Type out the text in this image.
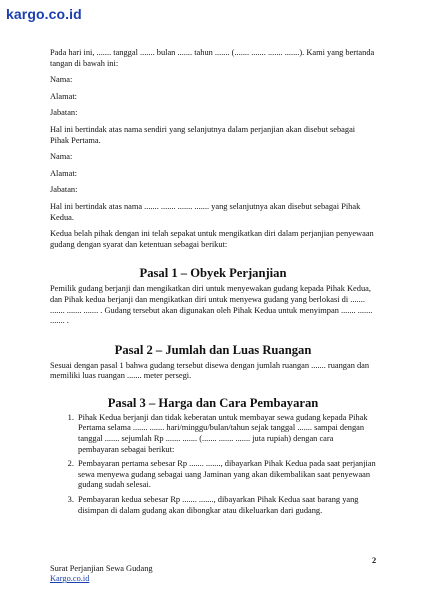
kargo.co.id

Pada hari ini, ....... tanggal ....... bulan ....... tahun ....... (....... ....... ....... .......). Kami yang bertanda tangan di bawah ini:

Nama:

Alamat:

Jabatan:

Hal ini bertindak atas nama sendiri yang selanjutnya dalam perjanjian akan disebut sebagai Pihak Pertama.

Nama:

Alamat:

Jabatan:

Hal ini bertindak atas nama ....... ....... ....... ....... yang selanjutnya akan disebut sebagai Pihak Kedua.

Kedua belah pihak dengan ini telah sepakat untuk mengikatkan diri dalam perjanjian penyewaan gudang dengan syarat dan ketentuan sebagai berikut:

Pasal 1 – Obyek Perjanjian

Pemilik gudang berjanji dan mengikatkan diri untuk menyewakan gudang kepada Pihak Kedua, dan Pihak kedua berjanji dan mengikatkan diri untuk menyewa gudang yang berlokasi di ....... ....... ....... ....... . Gudang tersebut akan digunakan oleh Pihak Kedua untuk menyimpan ....... ....... ....... .

Pasal 2 – Jumlah dan Luas Ruangan

Sesuai dengan pasal 1 bahwa gudang tersebut disewa dengan jumlah ruangan ....... ruangan dan memiliki luas ruangan ....... meter persegi.

Pasal 3 – Harga dan Cara Pembayaran
1. Pihak Kedua berjanji dan tidak keberatan untuk membayar sewa gudang kepada Pihak Pertama selama ....... ....... hari/minggu/bulan/tahun sejak tanggal ....... sampai dengan tanggal ....... sejumlah Rp ....... ....... (....... ....... ....... juta rupiah) dengan cara pembayaran sebagai berikut:
2. Pembayaran pertama sebesar Rp ....... ......., dibayarkan Pihak Kedua pada saat perjanjian sewa menyewa gudang sebagai uang Jaminan yang akan dikembalikan saat penyewaan gudang sudah selesai.
3. Pembayaran kedua sebesar Rp ....... ......., dibayarkan Pihak Kedua saat barang yang disimpan di dalam gudang akan dibongkar atau dikeluarkan dari gudang.
2
Surat Perjanjian Sewa Gudang
Kargo.co.id
